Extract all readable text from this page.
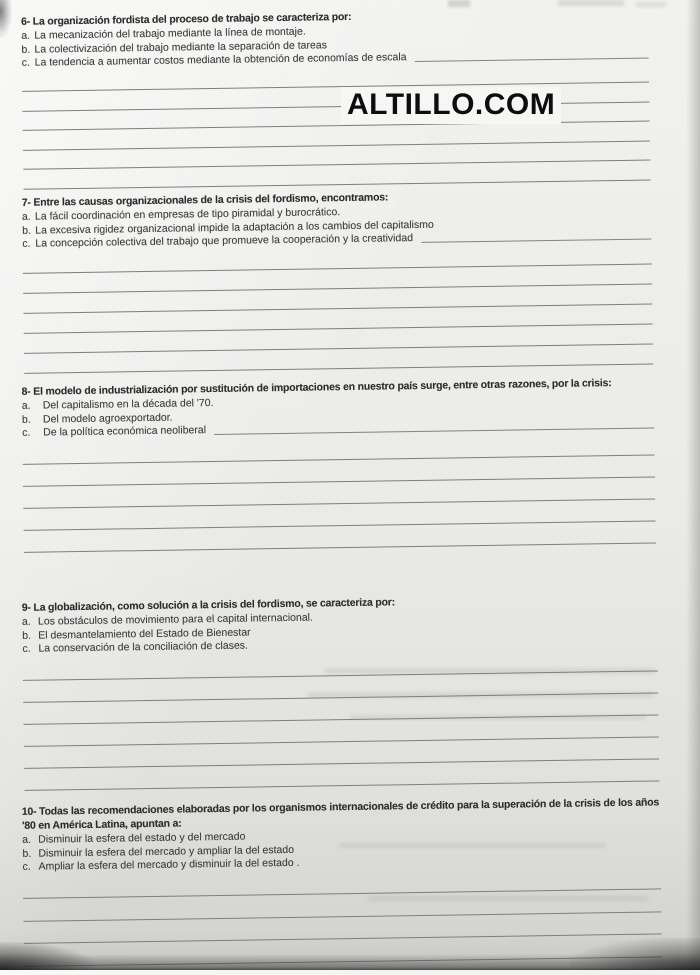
6- La organización fordista del proceso de trabajo se caracteriza por:
a. La mecanización del trabajo mediante la línea de montaje.
b. La colectivización del trabajo mediante la separación de tareas
c. La tendencia a aumentar costos mediante la obtención de economías de escala
7- Entre las causas organizacionales de la crisis del fordismo, encontramos:
a. La fácil coordinación en empresas de tipo piramidal y burocrático.
b. La excesiva rigidez organizacional impide la adaptación a los cambios del capitalismo
c. La concepción colectiva del trabajo que promueve la cooperación y la creatividad
8- El modelo de industrialización por sustitución de importaciones en nuestro país surge, entre otras razones, por la crisis:
a.	Del capitalismo en la década del '70.
b.	Del modelo agroexportador.
c.	De la política económica neoliberal
9- La globalización, como solución a la crisis del fordismo, se caracteriza por:
a. Los obstáculos de movimiento para el capital internacional.
b. El desmantelamiento del Estado de Bienestar
c. La conservación de la conciliación de clases.
10- Todas las recomendaciones elaboradas por los organismos internacionales de crédito para la superación de la crisis de los años '80 en América Latina, apuntan a:
a. Disminuir la esfera del estado y del mercado
b. Disminuir la esfera del mercado y ampliar la del estado
c. Ampliar la esfera del mercado y disminuir la del estado .
ALTILLO.COM
